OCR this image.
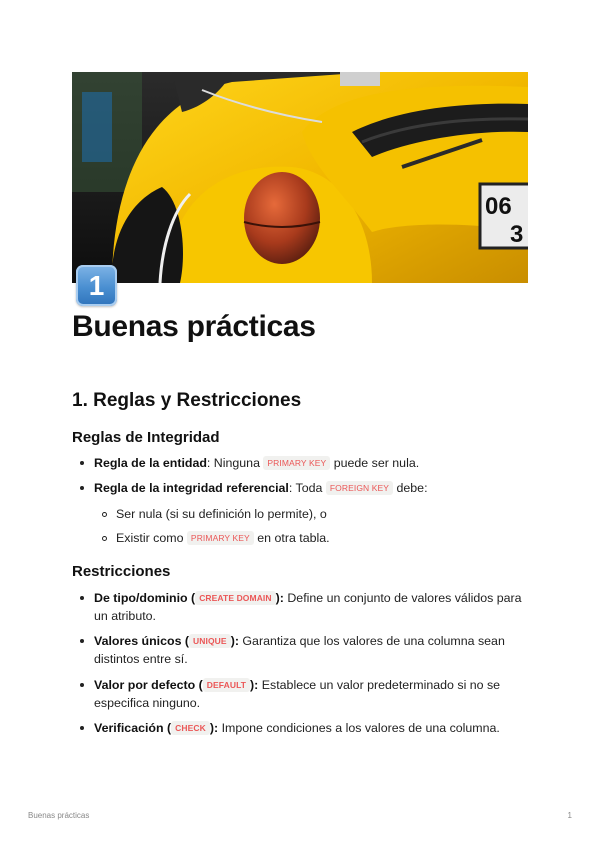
06
3
1
Buenas prácticas
1. Reglas y Restricciones
Reglas de Integridad

Regla de la entidad: Ninguna PRIMARY KEY puede ser nula.

Regla de la integridad referencial: Toda FOREIGN KEY debe:

Ser nula (si su definición lo permite), o

Existir como PRIMARY KEY en otra tabla.

Restricciones

De tipo/dominio ( CREATE DOMAIN ): Define un conjunto de valores válidos para un atributo.

Valores únicos ( UNIQUE ): Garantiza que los valores de una columna sean distintos entre sí.

Valor por defecto ( DEFAULT ): Establece un valor predeterminado si no se especifica ninguno.

Verificación ( CHECK ): Impone condiciones a los valores de una columna.

Buenas prácticas	1
